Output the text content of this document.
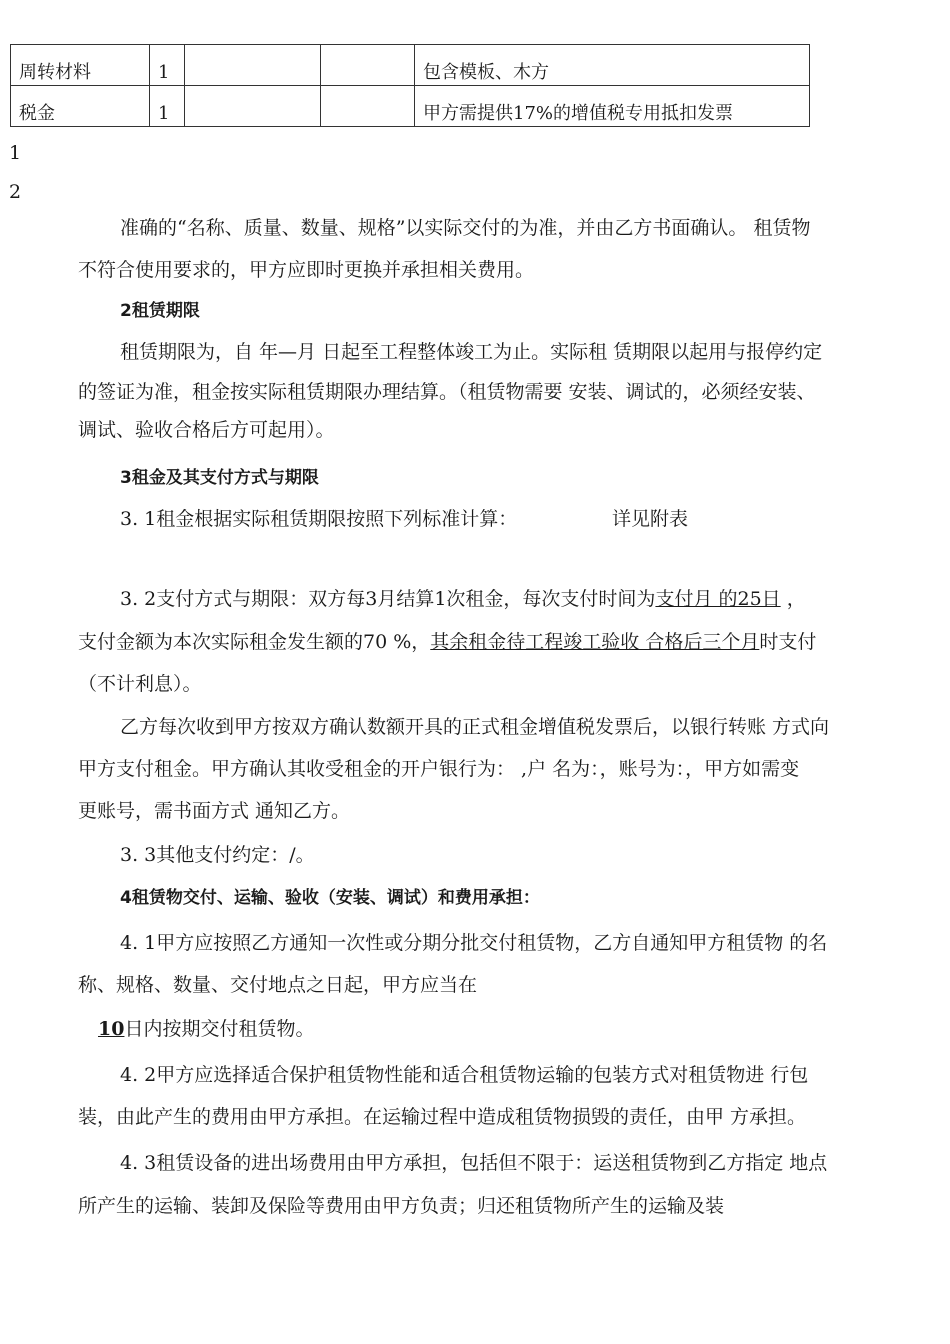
周转材料	1			包含模板、木方
税金	1			甲方需提供17%的增值税专用抵扣发票
1
2
准确的“名称、质量、数量、规格”以实际交付的为准，并由乙方书面确认。 租赁物
不符合使用要求的，甲方应即时更换并承担相关费用。
2租赁期限
租赁期限为，自 年—月 日起至工程整体竣工为止。实际租 赁期限以起用与报停约定
的签证为准，租金按实际租赁期限办理结算。（租赁物需要 安装、调试的，必须经安装、
调试、验收合格后方可起用）。
3租金及其支付方式与期限
3. 1租金根据实际租赁期限按照下列标准计算：	详见附表
3. 2支付方式与期限：双方每3月结算1次租金，每次支付时间为支付月 的25日 ，
支付金额为本次实际租金发生额的70 %，其余租金待工程竣工验收 合格后三个月时支付
（不计利息）。
乙方每次收到甲方按双方确认数额开具的正式租金增值税发票后，以银行转账 方式向
甲方支付租金。甲方确认其收受租金的开户银行为： ,户 名为：，账号为：，甲方如需变
更账号，需书面方式 通知乙方。
3. 3其他支付约定：/。
4租赁物交付、运输、验收（安装、调试）和费用承担：
4. 1甲方应按照乙方通知一次性或分期分批交付租赁物，乙方自通知甲方租赁物 的名
称、规格、数量、交付地点之日起，甲方应当在
10日内按期交付租赁物。
4. 2甲方应选择适合保护租赁物性能和适合租赁物运输的包装方式对租赁物进 行包
装，由此产生的费用由甲方承担。在运输过程中造成租赁物损毁的责任，由甲 方承担。
4. 3租赁设备的进出场费用由甲方承担，包括但不限于：运送租赁物到乙方指定 地点
所产生的运输、装卸及保险等费用由甲方负责；归还租赁物所产生的运输及装
